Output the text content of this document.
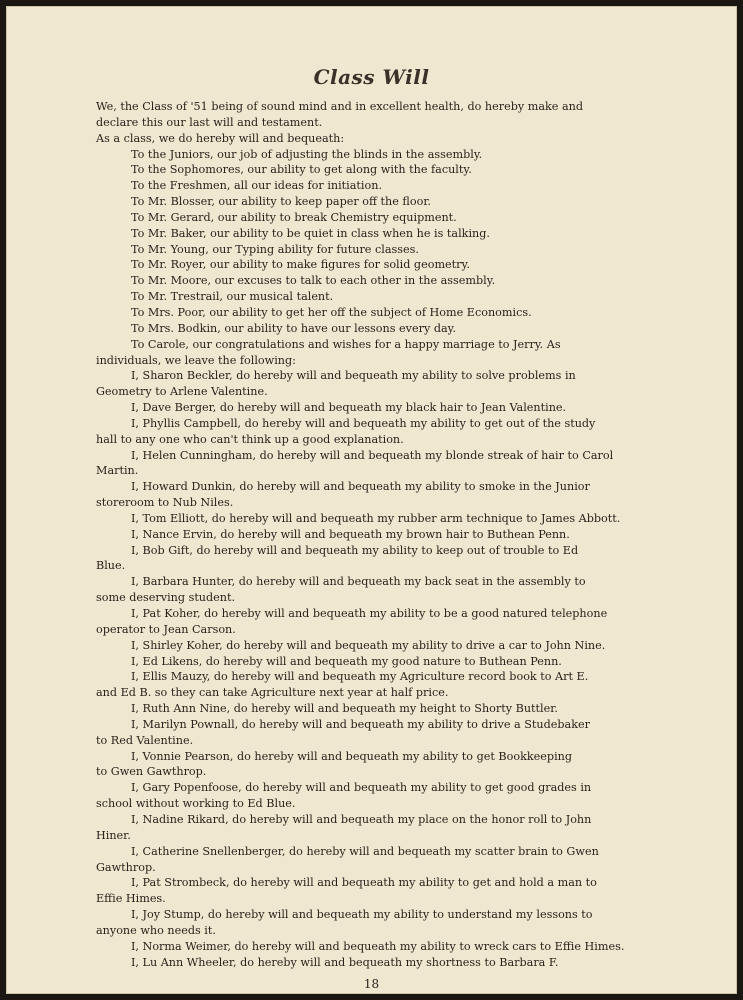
Class Will

We, the Class of '51 being of sound mind and in excellent health, do hereby make and

declare this our last will and testament.

As a class, we do hereby will and bequeath:

To the Juniors, our job of adjusting the blinds in the assembly.

To the Sophomores, our ability to get along with the faculty.

To the Freshmen, all our ideas for initiation.

To Mr. Blosser, our ability to keep paper off the floor.

To Mr. Gerard, our ability to break Chemistry equipment.

To Mr. Baker, our ability to be quiet in class when he is talking.

To Mr. Young, our Typing ability for future classes.

To Mr. Royer, our ability to make figures for solid geometry.

To Mr. Moore, our excuses to talk to each other in the assembly.

To Mr. Trestrail, our musical talent.

To Mrs. Poor, our ability to get her off the subject of Home Economics.

To Mrs. Bodkin, our ability to have our lessons every day.

To Carole, our congratulations and wishes for a happy marriage to Jerry. As

individuals, we leave the following:

I, Sharon Beckler, do hereby will and bequeath my ability to solve problems in

Geometry to Arlene Valentine.

I, Dave Berger, do hereby will and bequeath my black hair to Jean Valentine.

I, Phyllis Campbell, do hereby will and bequeath my ability to get out of the study

hall to any one who can't think up a good explanation.

I, Helen Cunningham, do hereby will and bequeath my blonde streak of hair to Carol

Martin.

I, Howard Dunkin, do hereby will and bequeath my ability to smoke in the Junior

storeroom to Nub Niles.

I, Tom Elliott, do hereby will and bequeath my rubber arm technique to James Abbott.

I, Nance Ervin, do hereby will and bequeath my brown hair to Buthean Penn.

I, Bob Gift, do hereby will and bequeath my ability to keep out of trouble to Ed

Blue.

I, Barbara Hunter, do hereby will and bequeath my back seat in the assembly to

some deserving student.

I, Pat Koher, do hereby will and bequeath my ability to be a good natured telephone

operator to Jean Carson.

I, Shirley Koher, do hereby will and bequeath my ability to drive a car to John Nine.

I, Ed Likens, do hereby will and bequeath my good nature to Buthean Penn.

I, Ellis Mauzy, do hereby will and bequeath my Agriculture record book to Art E.

and Ed B. so they can take Agriculture next year at half price.

I, Ruth Ann Nine, do hereby will and bequeath my height to Shorty Buttler.

I, Marilyn Pownall, do hereby will and bequeath my ability to drive a Studebaker

to Red Valentine.

I, Vonnie Pearson, do hereby will and bequeath my ability to get Bookkeeping

to Gwen Gawthrop.

I, Gary Popenfoose, do hereby will and bequeath my ability to get good grades in

school without working to Ed Blue.

I, Nadine Rikard, do hereby will and bequeath my place on the honor roll to John

Hiner.

I, Catherine Snellenberger, do hereby will and bequeath my scatter brain to Gwen

Gawthrop.

I, Pat Strombeck, do hereby will and bequeath my ability to get and hold a man to

Effie Himes.

I, Joy Stump, do hereby will and bequeath my ability to understand my lessons to

anyone who needs it.

I, Norma Weimer, do hereby will and bequeath my ability to wreck cars to Effie Himes.

I, Lu Ann Wheeler, do hereby will and bequeath my shortness to Barbara F.

18
